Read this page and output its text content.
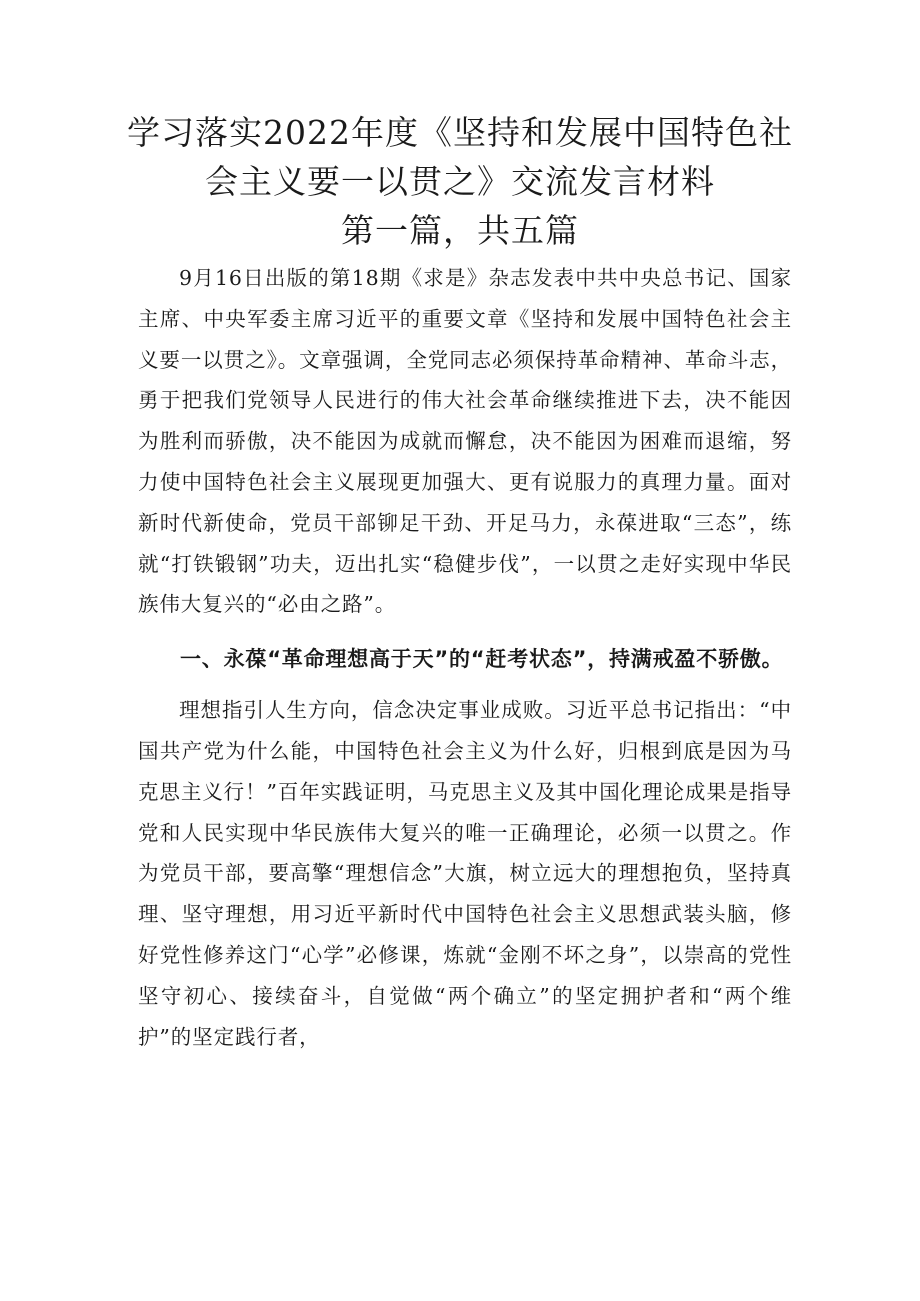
学习落实2022年度《坚持和发展中国特色社
会主义要一以贯之》交流发言材料
第一篇，共五篇

9月16日出版的第18期《求是》杂志发表中共中央总书记、国家主席、中央军委主席习近平的重要文章《坚持和发展中国特色社会主义要一以贯之》。文章强调，全党同志必须保持革命精神、革命斗志，勇于把我们党领导人民进行的伟大社会革命继续推进下去，决不能因为胜利而骄傲，决不能因为成就而懈怠，决不能因为困难而退缩，努力使中国特色社会主义展现更加强大、更有说服力的真理力量。面对新时代新使命，党员干部铆足干劲、开足马力，永葆进取“三态”，练就“打铁锻钢”功夫，迈出扎实“稳健步伐”，一以贯之走好实现中华民族伟大复兴的“必由之路”。

一、永葆“革命理想高于天”的“赶考状态”，持满戒盈不骄傲。

理想指引人生方向，信念决定事业成败。习近平总书记指出：“中国共产党为什么能，中国特色社会主义为什么好，归根到底是因为马克思主义行！”百年实践证明，马克思主义及其中国化理论成果是指导党和人民实现中华民族伟大复兴的唯一正确理论，必须一以贯之。作为党员干部，要高擎“理想信念”大旗，树立远大的理想抱负，坚持真理、坚守理想，用习近平新时代中国特色社会主义思想武装头脑，修好党性修养这门“心学”必修课，炼就“金刚不坏之身”，以崇高的党性坚守初心、接续奋斗，自觉做“两个确立”的坚定拥护者和“两个维护”的坚定践行者，
